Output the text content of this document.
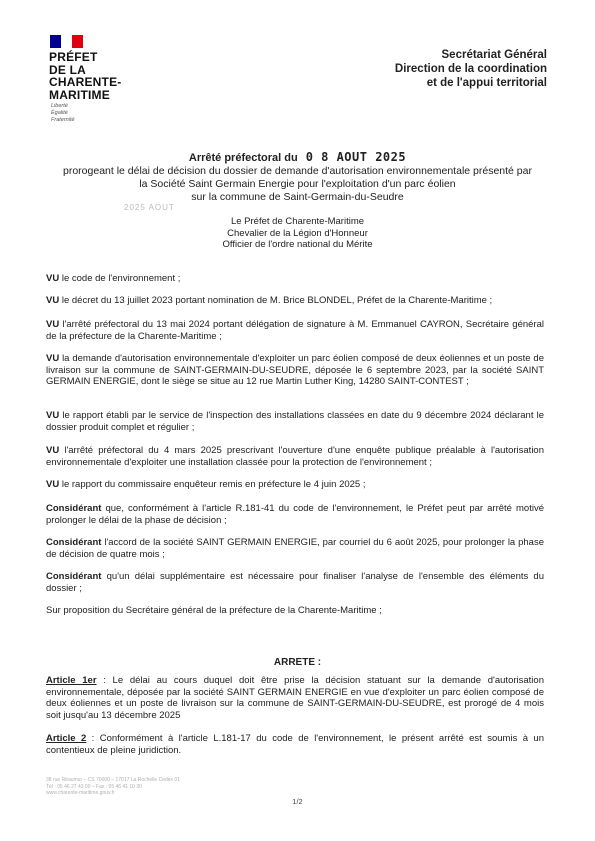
PRÉFET
DE LA
CHARENTE-
MARITIME
Liberté
Égalité
Fraternité
Secrétariat Général
Direction de la coordination
et de l'appui territorial
Arrêté préfectoral du 0 8 AOUT 2025
prorogeant le délai de décision du dossier de demande d'autorisation environnementale présenté par
la Société Saint Germain Energie pour l'exploitation d'un parc éolien
sur la commune de Saint-Germain-du-Seudre
2025 AOUT
Le Préfet de Charente-Maritime
Chevalier de la Légion d'Honneur
Officier de l'ordre national du Mérite
VU le code de l'environnement ;
VU le décret du 13 juillet 2023 portant nomination de M. Brice BLONDEL, Préfet de la Charente-Maritime ;
VU l'arrêté préfectoral du 13 mai 2024 portant délégation de signature à M. Emmanuel CAYRON, Secrétaire général de la préfecture de la Charente-Maritime ;
VU la demande d'autorisation environnementale d'exploiter un parc éolien composé de deux éoliennes et un poste de livraison sur la commune de SAINT-GERMAIN-DU-SEUDRE, déposée le 6 septembre 2023, par la société SAINT GERMAIN ENERGIE, dont le siège se situe au 12 rue Martin Luther King, 14280 SAINT-CONTEST ;
VU le rapport établi par le service de l'inspection des installations classées en date du 9 décembre 2024 déclarant le dossier produit complet et régulier ;
VU l'arrêté préfectoral du 4 mars 2025 prescrivant l'ouverture d'une enquête publique préalable à l'autorisation environnementale d'exploiter une installation classée pour la protection de l'environnement ;
VU le rapport du commissaire enquêteur remis en préfecture le 4 juin 2025 ;
Considérant que, conformément à l'article R.181-41 du code de l'environnement, le Préfet peut par arrêté motivé prolonger le délai de la phase de décision ;
Considérant l'accord de la société SAINT GERMAIN ENERGIE, par courriel du 6 août 2025, pour prolonger la phase de décision de quatre mois ;
Considérant qu'un délai supplémentaire est nécessaire pour finaliser l'analyse de l'ensemble des éléments du dossier ;
Sur proposition du Secrétaire général de la préfecture de la Charente-Maritime ;
ARRETE :
Article 1er : Le délai au cours duquel doit être prise la décision statuant sur la demande d'autorisation environnementale, déposée par la société SAINT GERMAIN ENERGIE en vue d'exploiter un parc éolien composé de deux éoliennes et un poste de livraison sur la commune de SAINT-GERMAIN-DU-SEUDRE, est prorogé de 4 mois soit jusqu'au 13 décembre 2025
Article 2 : Conformément à l'article L.181-17 du code de l'environnement, le présent arrêté est soumis à un contentieux de pleine juridiction.
38 rue Réaumur – CS 70000 – 17017 La Rochelle Cedex 01
Tél : 05 46 27 43 00 – Fax : 05 46 41 10 30
www.charente-maritime.gouv.fr
1/2
